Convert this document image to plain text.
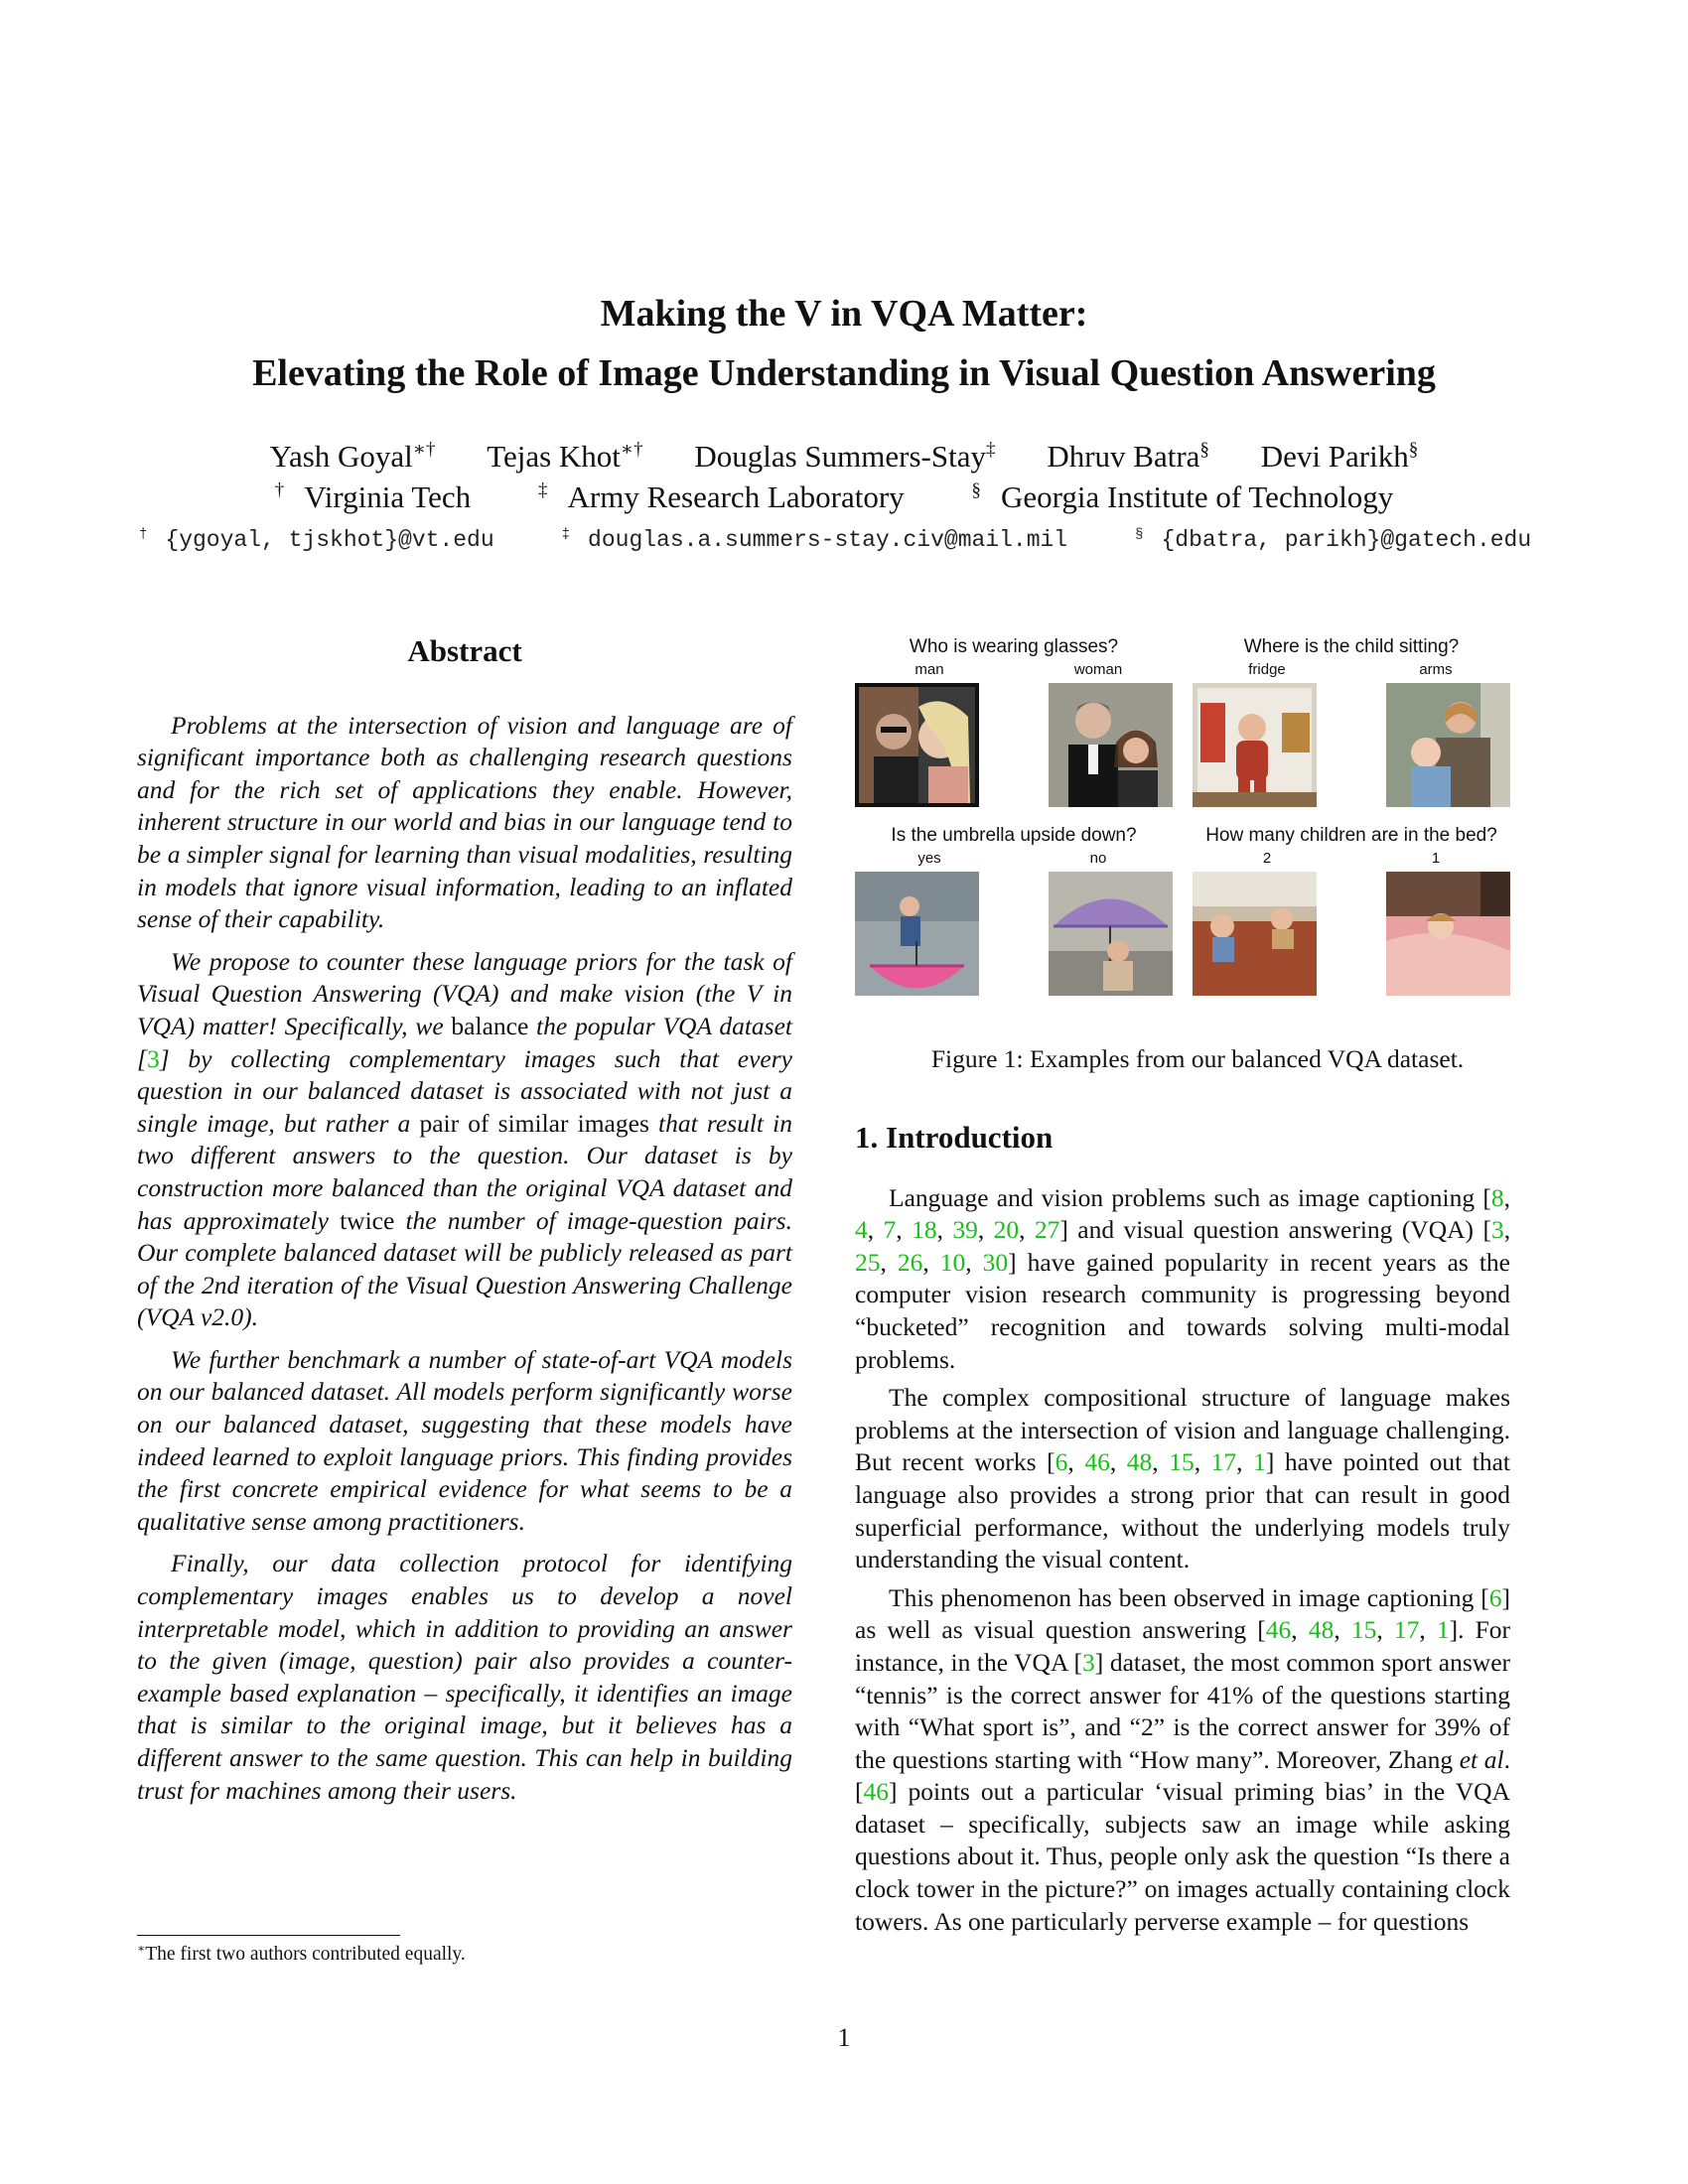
Making the V in VQA Matter:
Elevating the Role of Image Understanding in Visual Question Answering
Yash Goyal∗† Tejas Khot∗† Douglas Summers-Stay‡ Dhruv Batra§ Devi Parikh§
† Virginia Tech	‡ Army Research Laboratory	§ Georgia Institute of Technology
† {ygoyal, tjskhot}@vt.edu	‡ douglas.a.summers-stay.civ@mail.mil	§ {dbatra, parikh}@gatech.edu
Abstract

Problems at the intersection of vision and language are of significant importance both as challenging research questions and for the rich set of applications they enable. However, inherent structure in our world and bias in our language tend to be a simpler signal for learning than visual modalities, resulting in models that ignore visual information, leading to an inflated sense of their capability.

We propose to counter these language priors for the task of Visual Question Answering (VQA) and make vision (the V in VQA) matter! Specifically, we balance the popular VQA dataset [3] by collecting complementary images such that every question in our balanced dataset is associated with not just a single image, but rather a pair of similar images that result in two different answers to the question. Our dataset is by construction more balanced than the original VQA dataset and has approximately twice the number of image-question pairs. Our complete balanced dataset will be publicly released as part of the 2nd iteration of the Visual Question Answering Challenge (VQA v2.0).

We further benchmark a number of state-of-art VQA models on our balanced dataset. All models perform significantly worse on our balanced dataset, suggesting that these models have indeed learned to exploit language priors. This finding provides the first concrete empirical evidence for what seems to be a qualitative sense among practitioners.

Finally, our data collection protocol for identifying complementary images enables us to develop a novel interpretable model, which in addition to providing an answer to the given (image, question) pair also provides a counter-example based explanation – specifically, it identifies an image that is similar to the original image, but it believes has a different answer to the same question. This can help in building trust for machines among their users.

∗The first two authors contributed equally.
Who is wearing glasses?
man	woman
Where is the child sitting?
fridge	arms
Is the umbrella upside down?
yes	no
How many children are in the bed?
2	1
Figure 1: Examples from our balanced VQA dataset.
1. Introduction

Language and vision problems such as image captioning [8, 4, 7, 18, 39, 20, 27] and visual question answering (VQA) [3, 25, 26, 10, 30] have gained popularity in recent years as the computer vision research community is progressing beyond “bucketed” recognition and towards solving multi-modal problems.

The complex compositional structure of language makes problems at the intersection of vision and language challenging. But recent works [6, 46, 48, 15, 17, 1] have pointed out that language also provides a strong prior that can result in good superficial performance, without the underlying models truly understanding the visual content.

This phenomenon has been observed in image captioning [6] as well as visual question answering [46, 48, 15, 17, 1]. For instance, in the VQA [3] dataset, the most common sport answer “tennis” is the correct answer for 41% of the questions starting with “What sport is”, and “2” is the correct answer for 39% of the questions starting with “How many”. Moreover, Zhang et al. [46] points out a particular ‘visual priming bias’ in the VQA dataset – specifically, subjects saw an image while asking questions about it. Thus, people only ask the question “Is there a clock tower in the picture?” on images actually containing clock towers. As one particularly perverse example – for questions

1
